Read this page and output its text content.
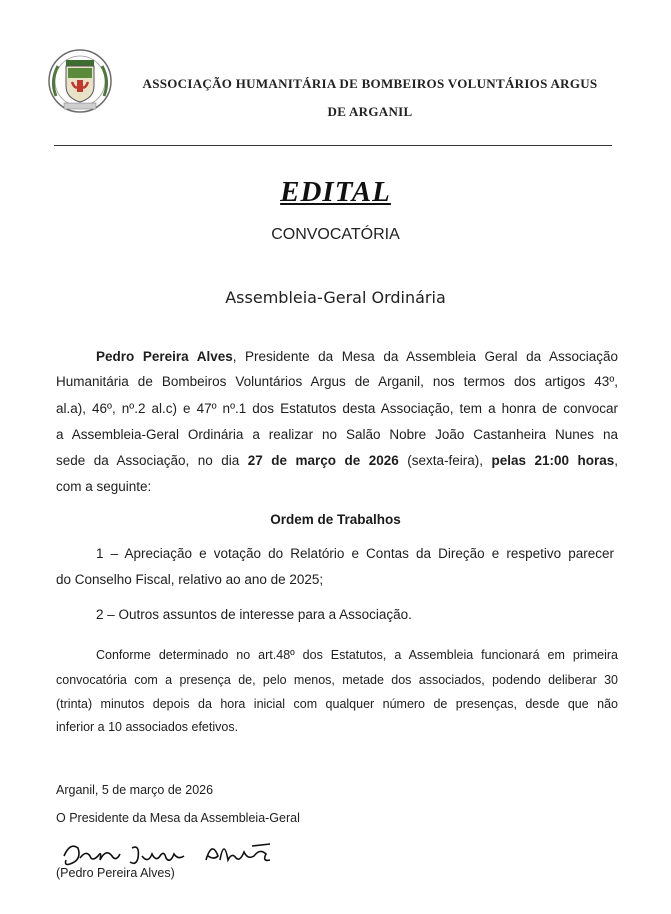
ASSOCIAÇÃO HUMANITÁRIA DE BOMBEIROS VOLUNTÁRIOS ARGUS
DE ARGANIL
EDITAL
CONVOCATÓRIA
Assembleia-Geral Ordinária
Pedro Pereira Alves, Presidente da Mesa da Assembleia Geral da Associação
Humanitária de Bombeiros Voluntários Argus de Arganil, nos termos dos artigos 43º,
al.a), 46º, nº.2 al.c) e 47º nº.1 dos Estatutos desta Associação, tem a honra de convocar
a Assembleia-Geral Ordinária a realizar no Salão Nobre João Castanheira Nunes na
sede da Associação, no dia 27 de março de 2026 (sexta-feira), pelas 21:00 horas,
com a seguinte:
Ordem de Trabalhos
1 – Apreciação e votação do Relatório e Contas da Direção e respetivo parecer
do Conselho Fiscal, relativo ao ano de 2025;
2 – Outros assuntos de interesse para a Associação.
Conforme determinado no art.48º dos Estatutos, a Assembleia funcionará em primeira
convocatória com a presença de, pelo menos, metade dos associados, podendo deliberar 30
(trinta) minutos depois da hora inicial com qualquer número de presenças, desde que não
inferior a 10 associados efetivos.
Arganil, 5 de março de 2026
O Presidente da Mesa da Assembleia-Geral
(Pedro Pereira Alves)
